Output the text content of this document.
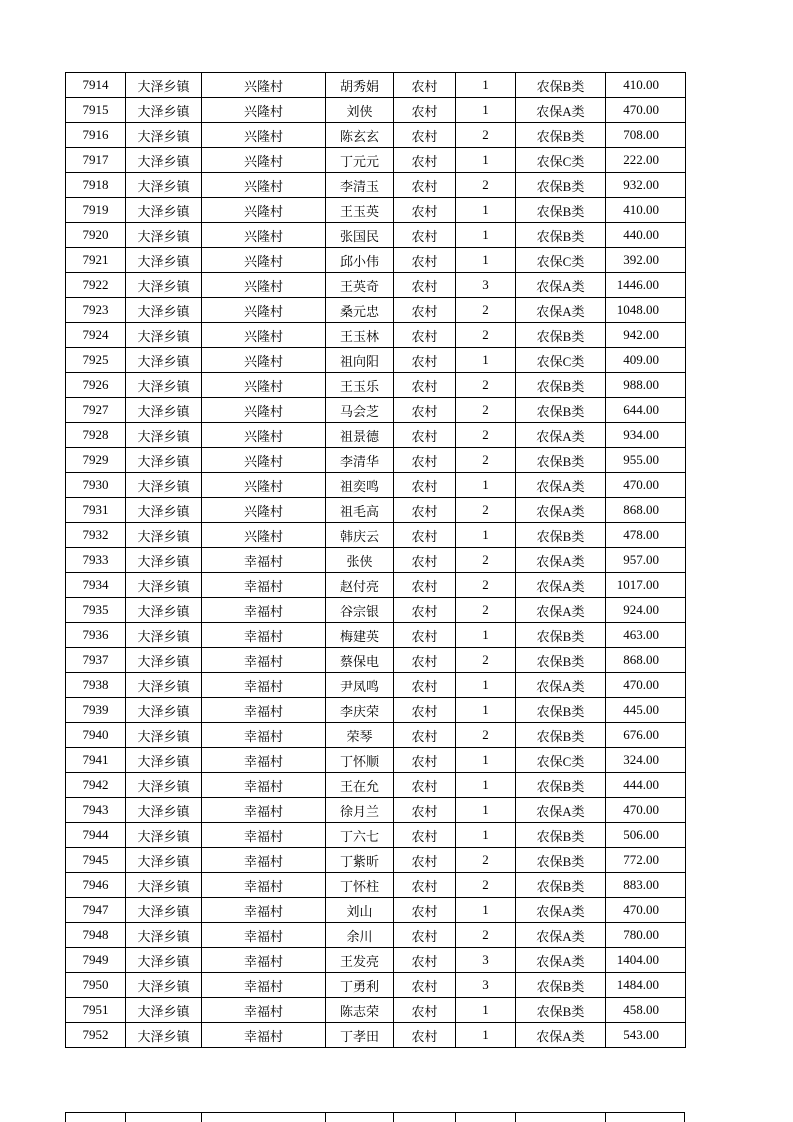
7914	大泽乡镇	兴隆村	胡秀娟	农村	1	农保B类	410.00
7915	大泽乡镇	兴隆村	刘侠	农村	1	农保A类	470.00
7916	大泽乡镇	兴隆村	陈玄玄	农村	2	农保B类	708.00
7917	大泽乡镇	兴隆村	丁元元	农村	1	农保C类	222.00
7918	大泽乡镇	兴隆村	李清玉	农村	2	农保B类	932.00
7919	大泽乡镇	兴隆村	王玉英	农村	1	农保B类	410.00
7920	大泽乡镇	兴隆村	张国民	农村	1	农保B类	440.00
7921	大泽乡镇	兴隆村	邱小伟	农村	1	农保C类	392.00
7922	大泽乡镇	兴隆村	王英奇	农村	3	农保A类	1446.00
7923	大泽乡镇	兴隆村	桑元忠	农村	2	农保A类	1048.00
7924	大泽乡镇	兴隆村	王玉林	农村	2	农保B类	942.00
7925	大泽乡镇	兴隆村	祖向阳	农村	1	农保C类	409.00
7926	大泽乡镇	兴隆村	王玉乐	农村	2	农保B类	988.00
7927	大泽乡镇	兴隆村	马会芝	农村	2	农保B类	644.00
7928	大泽乡镇	兴隆村	祖景德	农村	2	农保A类	934.00
7929	大泽乡镇	兴隆村	李清华	农村	2	农保B类	955.00
7930	大泽乡镇	兴隆村	祖奕鸣	农村	1	农保A类	470.00
7931	大泽乡镇	兴隆村	祖毛高	农村	2	农保A类	868.00
7932	大泽乡镇	兴隆村	韩庆云	农村	1	农保B类	478.00
7933	大泽乡镇	幸福村	张侠	农村	2	农保A类	957.00
7934	大泽乡镇	幸福村	赵付亮	农村	2	农保A类	1017.00
7935	大泽乡镇	幸福村	谷宗银	农村	2	农保A类	924.00
7936	大泽乡镇	幸福村	梅建英	农村	1	农保B类	463.00
7937	大泽乡镇	幸福村	蔡保电	农村	2	农保B类	868.00
7938	大泽乡镇	幸福村	尹凤鸣	农村	1	农保A类	470.00
7939	大泽乡镇	幸福村	李庆荣	农村	1	农保B类	445.00
7940	大泽乡镇	幸福村	荣琴	农村	2	农保B类	676.00
7941	大泽乡镇	幸福村	丁怀顺	农村	1	农保C类	324.00
7942	大泽乡镇	幸福村	王在允	农村	1	农保B类	444.00
7943	大泽乡镇	幸福村	徐月兰	农村	1	农保A类	470.00
7944	大泽乡镇	幸福村	丁六七	农村	1	农保B类	506.00
7945	大泽乡镇	幸福村	丁紫昕	农村	2	农保B类	772.00
7946	大泽乡镇	幸福村	丁怀柱	农村	2	农保B类	883.00
7947	大泽乡镇	幸福村	刘山	农村	1	农保A类	470.00
7948	大泽乡镇	幸福村	余川	农村	2	农保A类	780.00
7949	大泽乡镇	幸福村	王发亮	农村	3	农保A类	1404.00
7950	大泽乡镇	幸福村	丁勇利	农村	3	农保B类	1484.00
7951	大泽乡镇	幸福村	陈志荣	农村	1	农保B类	458.00
7952	大泽乡镇	幸福村	丁孝田	农村	1	农保A类	543.00
